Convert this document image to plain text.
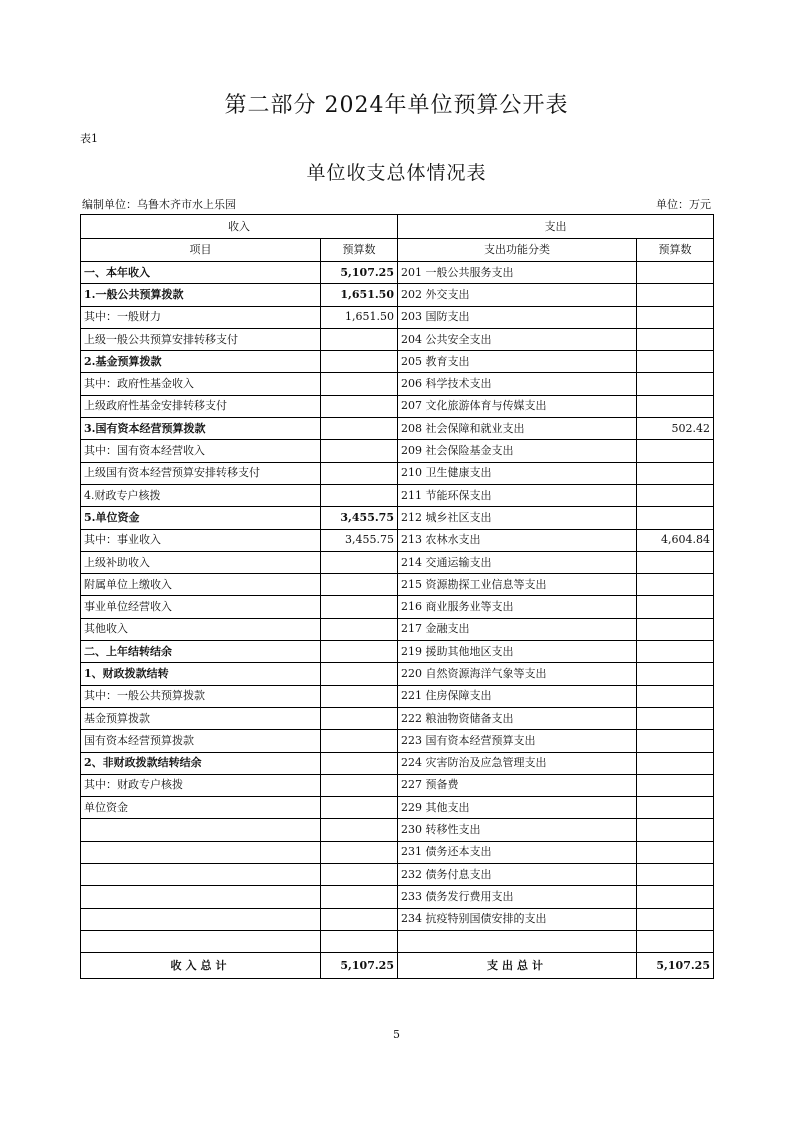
第二部分 2024年单位预算公开表
表1
单位收支总体情况表
编制单位：乌鲁木齐市水上乐园	单位：万元
收入		支出	
项目	预算数	支出功能分类	预算数
一、本年收入	5,107.25	201 一般公共服务支出	
1.一般公共预算拨款	1,651.50	202 外交支出	
其中：一般财力	1,651.50	203 国防支出	
上级一般公共预算安排转移支付		204 公共安全支出	
2.基金预算拨款		205 教育支出	
其中：政府性基金收入		206 科学技术支出	
上级政府性基金安排转移支付		207 文化旅游体育与传媒支出	
3.国有资本经营预算拨款		208 社会保障和就业支出	502.42
其中：国有资本经营收入		209 社会保险基金支出	
上级国有资本经营预算安排转移支付		210 卫生健康支出	
4.财政专户核拨		211 节能环保支出	
5.单位资金	3,455.75	212 城乡社区支出	
其中：事业收入	3,455.75	213 农林水支出	4,604.84
上级补助收入		214 交通运输支出	
附属单位上缴收入		215 资源勘探工业信息等支出	
事业单位经营收入		216 商业服务业等支出	
其他收入		217 金融支出	
二、上年结转结余		219 援助其他地区支出	
1、财政拨款结转		220 自然资源海洋气象等支出	
其中：一般公共预算拨款		221 住房保障支出	
基金预算拨款		222 粮油物资储备支出	
国有资本经营预算拨款		223 国有资本经营预算支出	
2、非财政拨款结转结余		224 灾害防治及应急管理支出	
其中：财政专户核拨		227 预备费	
单位资金		229 其他支出	
		230 转移性支出	
		231 债务还本支出	
		232 债务付息支出	
		233 债务发行费用支出	
		234 抗疫特别国债安排的支出	

收入总计	5,107.25	支出总计	5,107.25
5
